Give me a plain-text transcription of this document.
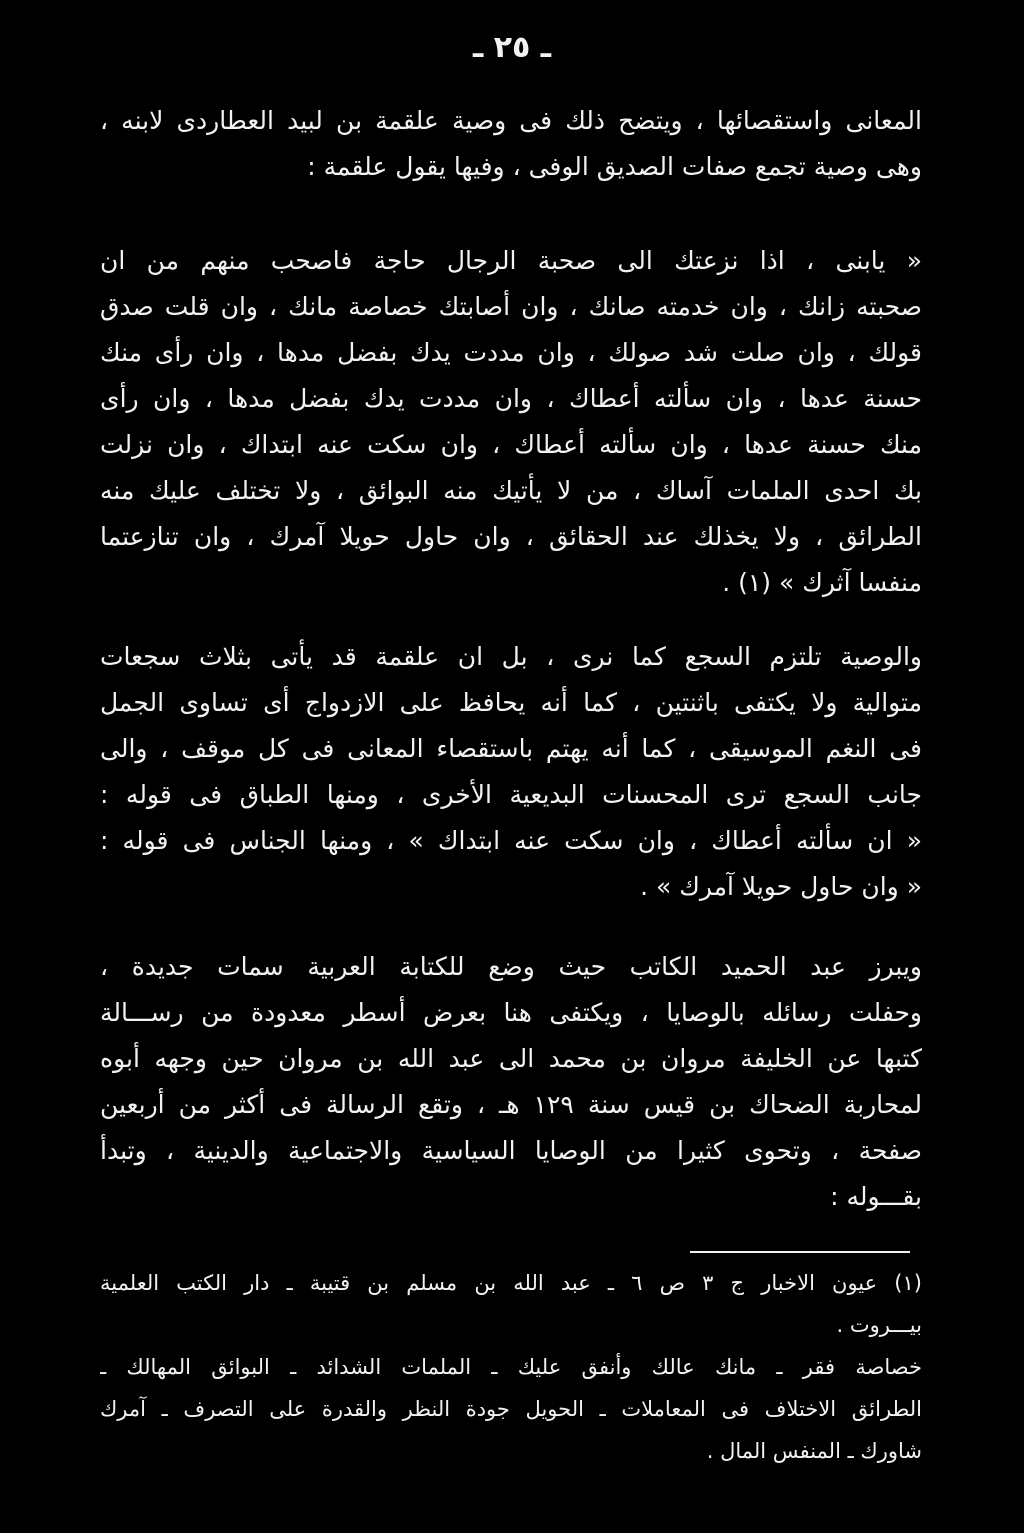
ـ ٢٥ ـ
المعانى واستقصائها ، ويتضح ذلك فى وصية علقمة بن لبيد العطاردى لابنه ،
وهى وصية تجمع صفات الصديق الوفى ، وفيها يقول علقمة :
« يابنى ، اذا نزعتك الى صحبة الرجال حاجة فاصحب منهم من ان
صحبته زانك ، وان خدمته صانك ، وان أصابتك خصاصة مانك ، وان قلت صدق
قولك ، وان صلت شد صولك ، وان مددت يدك بفضل مدها ، وان رأى منك
حسنة عدها ، وان سألته أعطاك ، وان مددت يدك بفضل مدها ، وان رأى
منك حسنة عدها ، وان سألته أعطاك ، وان سكت عنه ابتداك ، وان نزلت
بك احدى الملمات آساك ، من لا يأتيك منه البوائق ، ولا تختلف عليك منه
الطرائق ، ولا يخذلك عند الحقائق ، وان حاول حويلا آمرك ، وان تنازعتما
منفسا آثرك » (١) .
والوصية تلتزم السجع كما نرى ، بل ان علقمة قد يأتى بثلاث سجعات
متوالية ولا يكتفى باثنتين ، كما أنه يحافظ على الازدواج أى تساوى الجمل
فى النغم الموسيقى ، كما أنه يهتم باستقصاء المعانى فى كل موقف ، والى
جانب السجع ترى المحسنات البديعية الأخرى ، ومنها الطباق فى قوله :
« ان سألته أعطاك ، وان سكت عنه ابتداك » ، ومنها الجناس فى قوله :
« وان حاول حويلا آمرك » .
ويبرز عبد الحميد الكاتب حيث وضع للكتابة العربية سمات جديدة ،
وحفلت رسائله بالوصايا ، ويكتفى هنا بعرض أسطر معدودة من رســـالة
كتبها عن الخليفة مروان بن محمد الى عبد الله بن مروان حين وجهه أبوه
لمحاربة الضحاك بن قيس سنة ١٢٩ هـ ، وتقع الرسالة فى أكثر من أربعين
صفحة ، وتحوى كثيرا من الوصايا السياسية والاجتماعية والدينية ، وتبدأ
بقـــوله :
(١) عيون الاخبار ج ٣ ص ٦ ـ عبد الله بن مسلم بن قتيبة ـ دار الكتب العلمية
بيـــروت .
خصاصة فقر ـ مانك عالك وأنفق عليك ـ الملمات الشدائد ـ البوائق المهالك ـ
الطرائق الاختلاف فى المعاملات ـ الحويل جودة النظر والقدرة على التصرف ـ آمرك
شاورك ـ المنفس المال .
